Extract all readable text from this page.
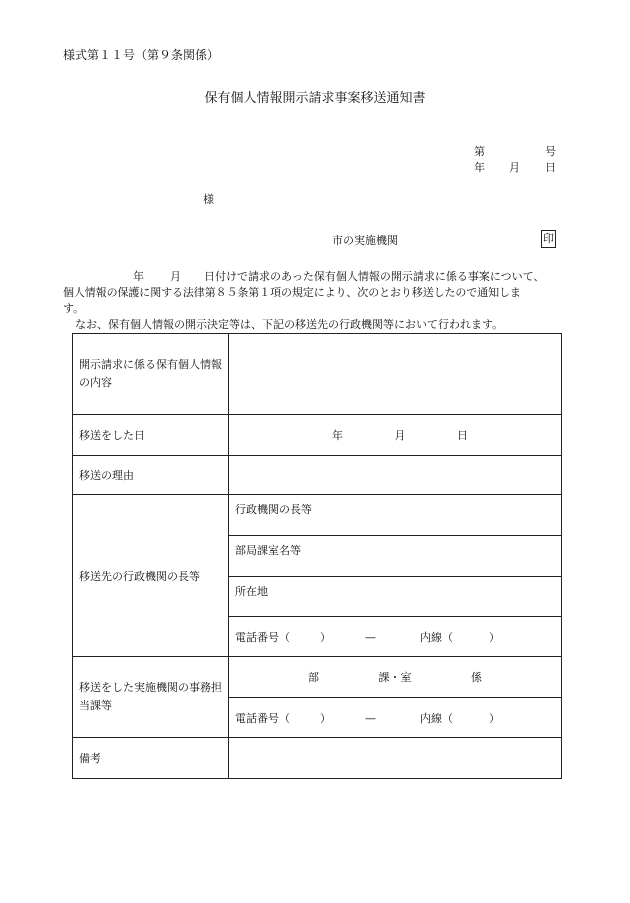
様式第１１号（第９条関係）
保有個人情報開示請求事案移送通知書
第	号
年 月 日
様
市の実施機関	印
年 月 日付けで請求のあった保有個人情報の開示請求に係る事案について、
個人情報の保護に関する法律第８５条第１項の規定により、次のとおり移送したので通知しま
す。
なお、保有個人情報の開示決定等は、下記の移送先の行政機関等において行われます。
開示請求に係る保有個人情報の内容	
移送をした日	年 月 日
移送の理由	
移送先の行政機関の長等	行政機関の長等
	部局課室名等
	所在地
	電話番号（ ） — 内線（ ）
移送をした実施機関の事務担当課等	部 課・室 係
	電話番号（ ） — 内線（ ）
備考	
